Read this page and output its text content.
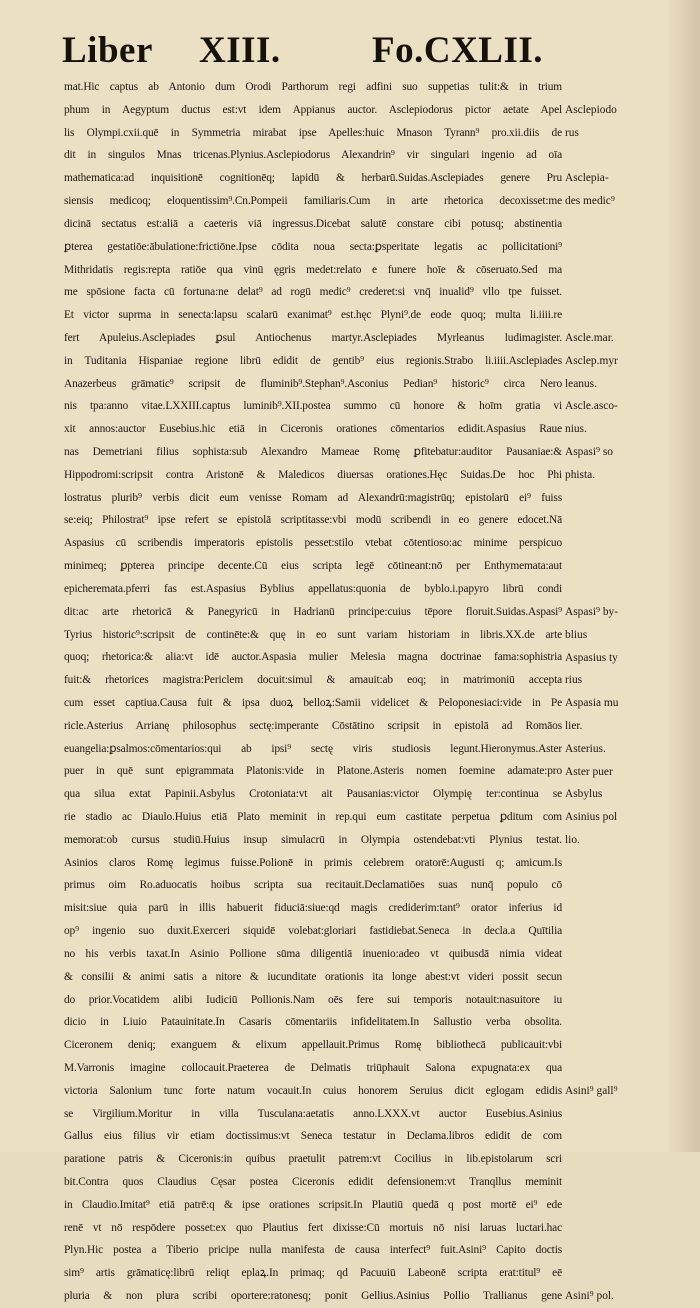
Liber XIII. Fo.CXLII.
mat.Hic captus ab Antonio dum Orodi Parthorum regi adfini suo suppetias tulit:& in trium
phum in Aegyptum ductus est:vt idem Appianus auctor. Asclepiodorus pictor aetate Apel
lis Olympi.cxii.quē in Symmetria mirabat ipse Apelles:huic Mnason Tyrann⁹ pro.xii.diis de
dit in singulos Mnas tricenas.Plynius.Asclepiodorus Alexandrin⁹ vir singulari ingenio ad oīa
mathematica:ad inquisitionē cognitionēq; lapidū & herbarū.Suidas.Asclepiades genere Pru
siensis medicoq; eloquentissim⁹.Cn.Pompeii familiaris.Cum in arte rhetorica decoxisset:me
dicinā sectatus est:aliā a caeteris viā ingressus.Dicebat salutē constare cibi potusq; abstinentia
ꝑterea gestatiōe:ābulatione:frictiōne.Ipse cōdita noua secta:ꝑsperitate legatis ac pollicitationi⁹
Mithridatis regis:repta ratiōe qua vinū ęgris medet:relato e funere hoīe & cōseruato.Sed ma
me spōsione facta cū fortuna:ne delat⁹ ad rogū medic⁹ crederet:si vnq̄ inualid⁹ vllo tpe fuisset.
Et victor suprma in senecta:lapsu scalarū exanimat⁹ est.hęc Plyni⁹.de eode quoq; multa li.iiii.re
fert Apuleius.Asclepiades ꝑsul Antiochenus martyr.Asclepiades Myrleanus ludimagister.
in Tuditania Hispaniae regione librū edidit de gentib⁹ eius regionis.Strabo li.iiii.Asclepiades
Anazerbeus grāmatic⁹ scripsit de fluminib⁹.Stephan⁹.Asconius Pedian⁹ historic⁹ circa Nero
nis tpa:anno vitae.LXXIII.captus luminib⁹.XII.postea summo cū honore & hoīm gratia vi
xit annos:auctor Eusebius.hic etiā in Ciceronis orationes cōmentarios edidit.Aspasius Raue
nas Demetriani filius sophista:sub Alexandro Mameae Romę ꝑfitebatur:auditor Pausaniae:&
Hippodromi:scripsit contra Aristonē & Maledicos diuersas orationes.Hęc Suidas.De hoc Phi
lostratus plurib⁹ verbis dicit eum venisse Romam ad Alexandrū:magistrūq; epistolarū ei⁹ fuiss
se:eiq; Philostrat⁹ ipse refert se epistolā scriptitasse:vbi modū scribendi in eo genere edocet.Nā
Aspasius cū scribendis imperatoris epistolis pesset:stilo vtebat cōtentioso:ac minime perspicuo
minimeq; ꝑpterea principe decente.Cū eius scripta legē cōtineant:nō per Enthymemata:aut
epicheremata.pferri fas est.Aspasius Byblius appellatus:quonia de byblo.i.papyro librū condi
dit:ac arte rhetoricā & Panegyricū in Hadrianū principe:cuius tēpore floruit.Suidas.Aspasi⁹
Tyrius historic⁹:scripsit de continēte:& quę in eo sunt variam historiam in libris.XX.de arte
quoq; rhetorica:& alia:vt idē auctor.Aspasia mulier Melesia magna doctrinae fama:sophistria
fuit:& rhetorices magistra:Periclem docuit:simul & amauit:ab eoq; in matrimoniū accepta
cum esset captiua.Causa fuit & ipsa duoꝝ belloꝝ:Samii videlicet & Peloponesiaci:vide in Pe
ricle.Asterius Arrianę philosophus sectę:imperante Cōstātino scripsit in epistolā ad Romāos
euangelia:ꝑsalmos:cōmentarios:qui ab ipsi⁹ sectę viris studiosis legunt.Hieronymus.Aster
puer in quē sunt epigrammata Platonis:vide in Platone.Asteris nomen foemine adamate:pro
qua silua extat Papinii.Asbylus Crotoniata:vt ait Pausanias:victor Olympię ter:continua se
rie stadio ac Diaulo.Huius etiā Plato meminit in rep.qui eum castitate perpetua ꝑditum com
memorat:ob cursus studiū.Huius insup simulacrū in Olympia ostendebat:vti Plynius testat.
Asinios claros Romę legimus fuisse.Polionē in primis celebrem oratorē:Augusti q; amicum.Is
primus oim Ro.aduocatis hoibus scripta sua recitauit.Declamatiōes suas nunq̄ populo cō
misit:siue quia parū in illis habuerit fiduciā:siue:qd magis crediderim:tant⁹ orator inferius id
op⁹ ingenio suo duxit.Exerceri siquidē volebat:gloriari fastidiebat.Seneca in decla.a Quītilia
no his verbis taxat.In Asinio Pollione sūma diligentiā inuenio:adeo vt quibusdā nimia videat
& consilii & animi satis a nitore & iucunditate orationis ita longe abest:vt videri possit secun
do prior.Vocatidem alibi Iudiciū Pollionis.Nam oēs fere sui temporis notauit:nasuitore iu
dicio in Liuio Patauinitate.In Casaris cōmentariis infidelitatem.In Sallustio verba obsolita.
Ciceronem deniq; exanguem & elixum appellauit.Primus Romę bibliothecā publicauit:vbi
M.Varronis imagine collocauit.Praeterea de Delmatis triūphauit Salona expugnata:ex qua
victoria Salonium tunc forte natum vocauit.In cuius honorem Seruius dicit eglogam edidis
se Virgilium.Moritur in villa Tusculana:aetatis anno.LXXX.vt auctor Eusebius.Asinius
Gallus eius filius vir etiam doctissimus:vt Seneca testatur in Declama.libros edidit de com
paratione patris & Ciceronis:in quibus praetulit patrem:vt Cocilius in lib.epistolarum scri
bit.Contra quos Claudius Cęsar postea Ciceronis edidit defensionem:vt Tranqllus meminit
in Claudio.Imitat⁹ etiā patrē:q & ipse orationes scripsit.In Plautiū quedā q post mortē ei⁹ ede
renē vt nō respōdere posset:ex quo Plautius fert dixisse:Cū mortuis nō nisi laruas luctari.hac
Plyn.Hic postea a Tiberio pricipe nulla manifesta de causa interfect⁹ fuit.Asini⁹ Capito doctis
sim⁹ artis grāmaticę:librū reliqt eplaꝝ.In primaq; qd Pacuuiū Labeonē scripta erat:titul⁹ eē
pluria & non plura scribi oportere:ratonesq; ponit Gellius.Asinius Pollio Trallianus gene
Asclepiodo
rus
Asclepia-
des medic⁹
Ascle.mar.
Asclep.myr
leanus.
Ascle.asco-
nius.
Aspasi⁹ so
phista.
Aspasi⁹ by-
blius
Aspasius ty
rius
Aspasia mu
lier.
Asterius.
Aster puer
Asbylus
Asinius pol
lio.
Asini⁹ gall⁹
Asini⁹ pol.
